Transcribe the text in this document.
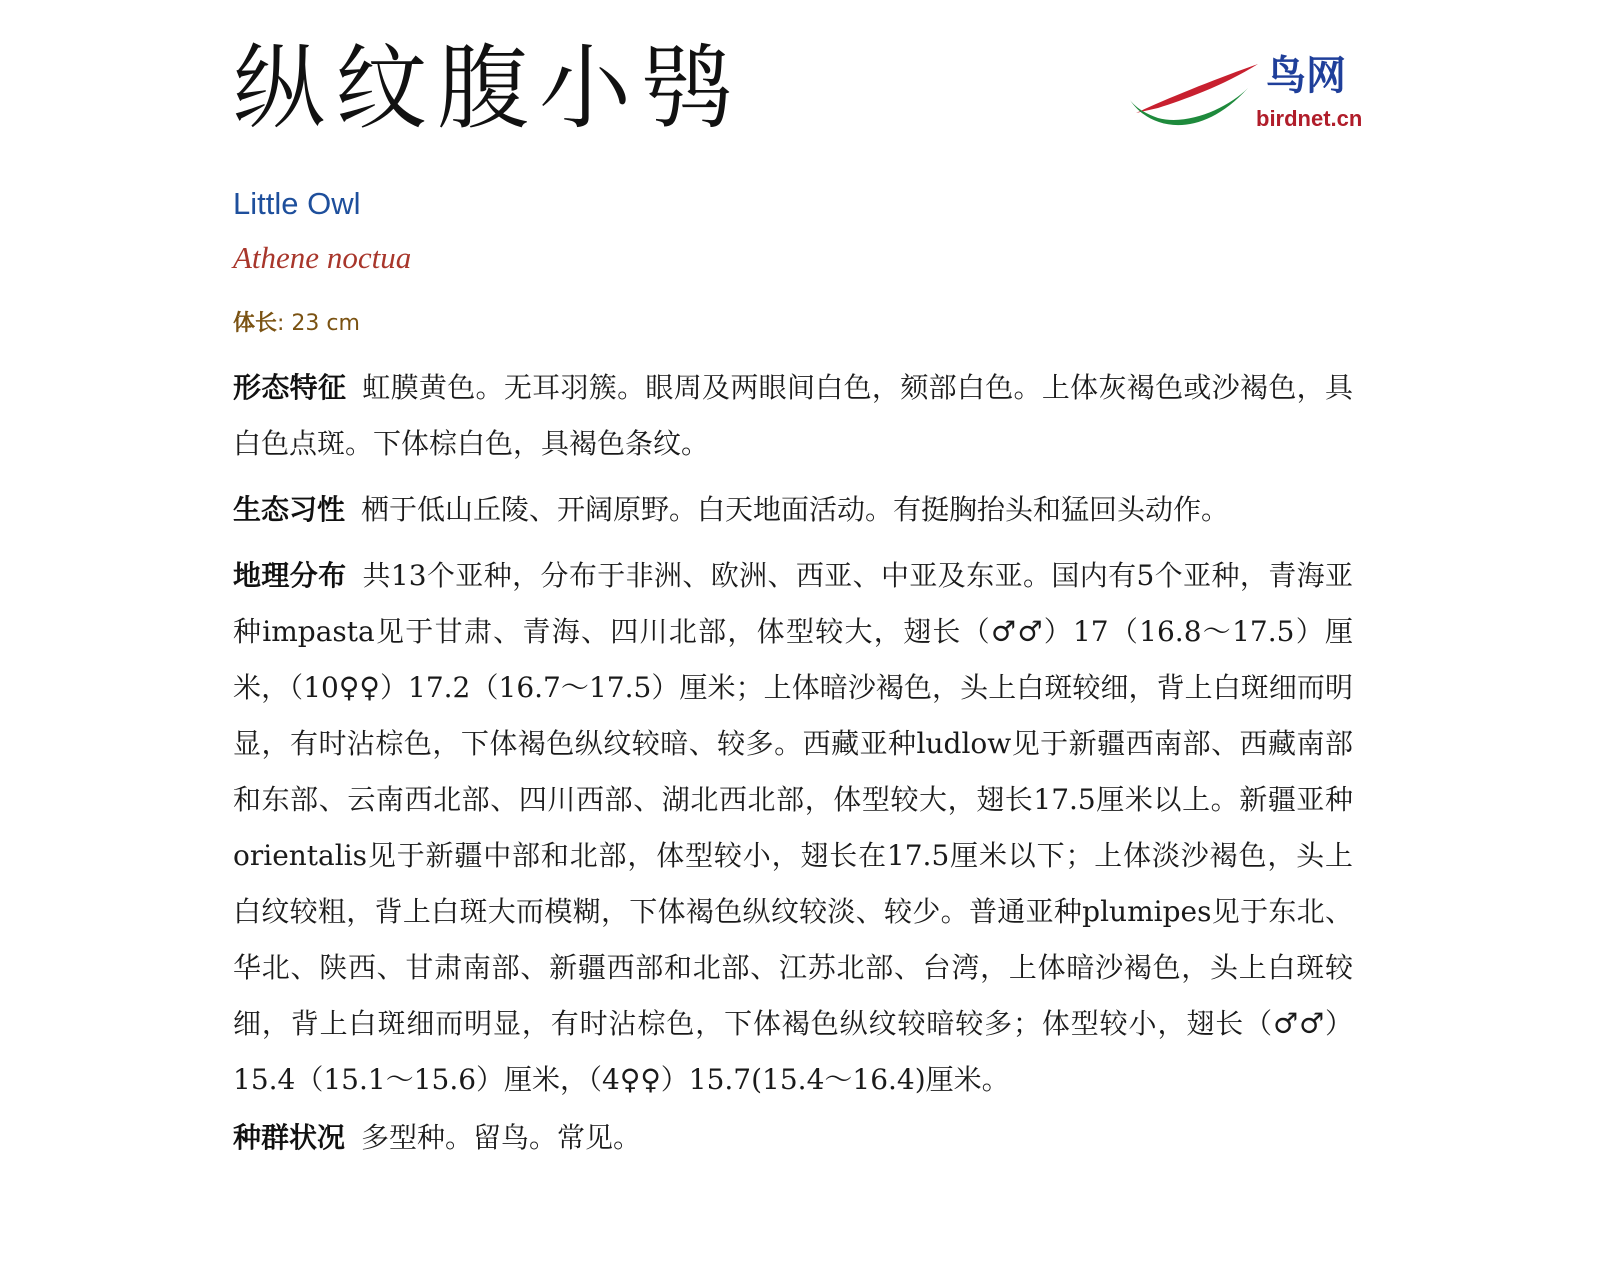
纵纹腹小鸮	鸟网
birdnet.cn
Little Owl
Athene noctua
体长: 23 cm

形态特征 虹膜黄色。无耳羽簇。眼周及两眼间白色，颏部白色。上体灰褐色或沙褐色，具白色点斑。下体棕白色，具褐色条纹。

生态习性 栖于低山丘陵、开阔原野。白天地面活动。有挺胸抬头和猛回头动作。

地理分布 共13个亚种，分布于非洲、欧洲、西亚、中亚及东亚。国内有5个亚种，青海亚种impasta见于甘肃、青海、四川北部，体型较大，翅长（♂♂）17（16.8～17.5）厘米，（10♀♀）17.2（16.7～17.5）厘米；上体暗沙褐色，头上白斑较细，背上白斑细而明显，有时沾棕色，下体褐色纵纹较暗、较多。西藏亚种ludlow见于新疆西南部、西藏南部和东部、云南西北部、四川西部、湖北西北部，体型较大，翅长17.5厘米以上。新疆亚种orientalis见于新疆中部和北部，体型较小，翅长在17.5厘米以下；上体淡沙褐色，头上白纹较粗，背上白斑大而模糊，下体褐色纵纹较淡、较少。普通亚种plumipes见于东北、华北、陕西、甘肃南部、新疆西部和北部、江苏北部、台湾，上体暗沙褐色，头上白斑较细，背上白斑细而明显，有时沾棕色，下体褐色纵纹较暗较多；体型较小，翅长（♂♂）15.4（15.1～15.6）厘米，（4♀♀）15.7(15.4～16.4)厘米。

种群状况 多型种。留鸟。常见。
